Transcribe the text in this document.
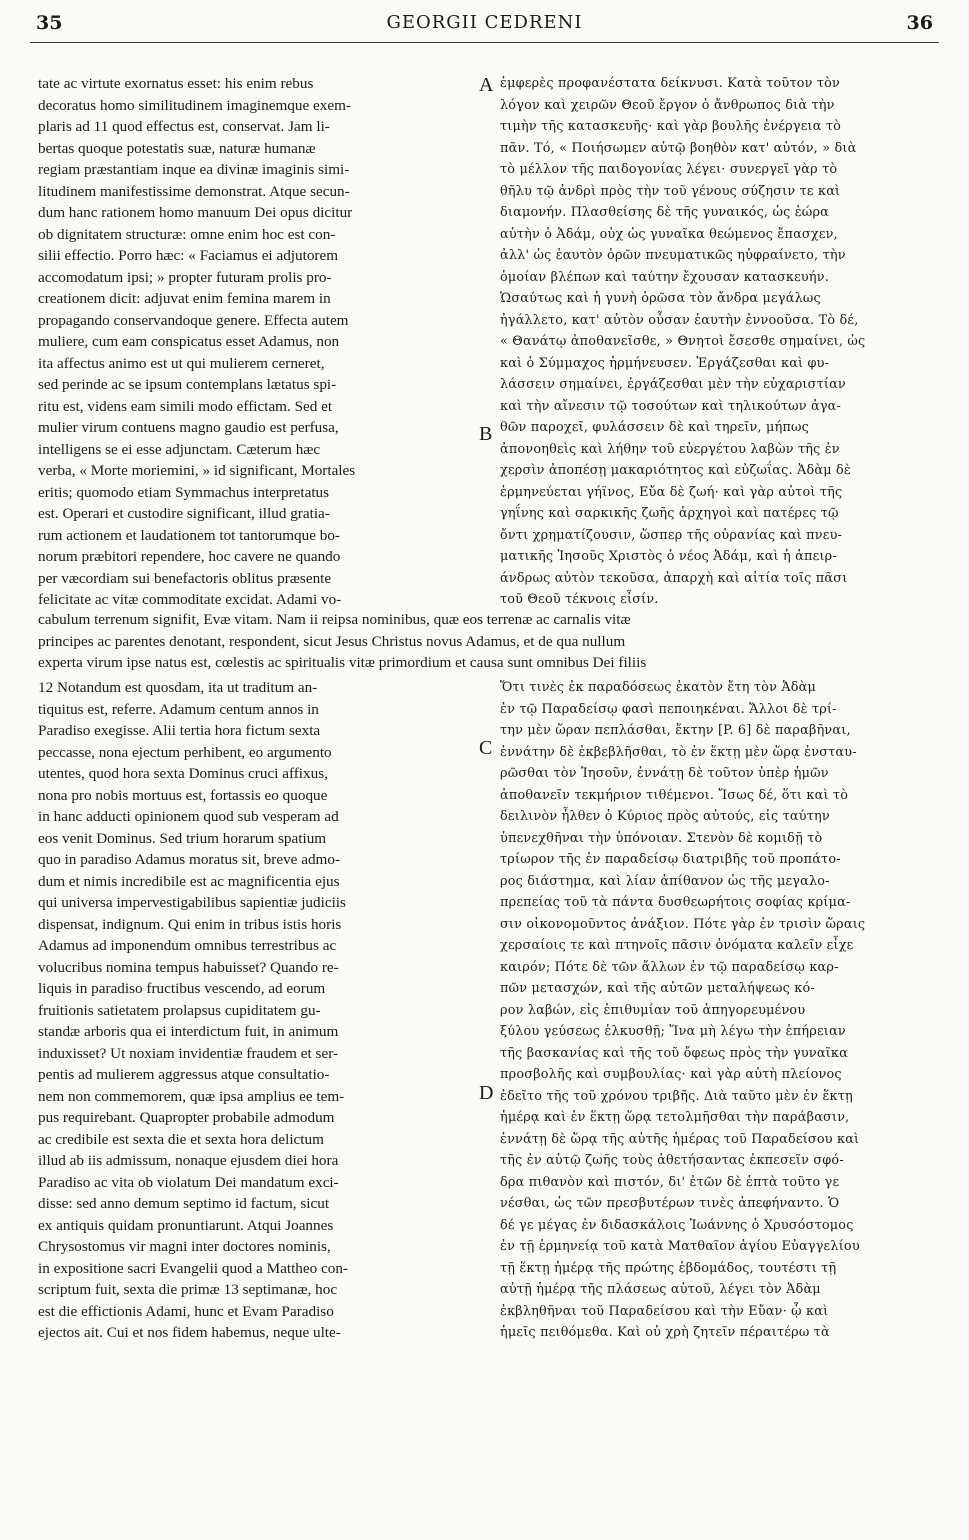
35	GEORGII CEDRENI	36
A
B
C
D
tate ac virtute exornatus esset: his enim rebus
decoratus homo similitudinem imaginemque exem-
plaris ad 11 quod effectus est, conservat. Jam li-
bertas quoque potestatis suæ, naturæ humanæ
regiam præstantiam inque ea divinæ imaginis simi-
litudinem manifestissime demonstrat. Atque secun-
dum hanc rationem homo manuum Dei opus dicitur
ob dignitatem structuræ: omne enim hoc est con-
silii effectio. Porro hæc: « Faciamus ei adjutorem
accomodatum ipsi; » propter futuram prolis pro-
creationem dicit: adjuvat enim femina marem in
propagando conservandoque genere. Effecta autem
muliere, cum eam conspicatus esset Adamus, non
ita affectus animo est ut qui mulierem cerneret,
sed perinde ac se ipsum contemplans lætatus spi-
ritu est, videns eam simili modo effictam. Sed et
mulier virum contuens magno gaudio est perfusa,
intelligens se ei esse adjunctam. Cæterum hæc
verba, « Morte moriemini, » id significant, Mortales
eritis; quomodo etiam Symmachus interpretatus
est. Operari et custodire significant, illud gratia-
rum actionem et laudationem tot tantorumque bo-
norum præbitori rependere, hoc cavere ne quando
per væcordiam sui benefactoris oblitus præsente
felicitate ac vitæ commoditate excidat. Adami vo-
ἐμφερὲς προφανέστατα δείκνυσι. Κατὰ τοῦτον τὸν
λόγον καὶ χειρῶν Θεοῦ ἔργον ὁ ἄνθρωπος διὰ τὴν
τιμὴν τῆς κατασκευῆς· καὶ γὰρ βουλῆς ἐνέργεια τὸ
πᾶν. Τό, « Ποιήσωμεν αὐτῷ βοηθὸν κατ' αὐτόν, » διὰ
τὸ μέλλον τῆς παιδογονίας λέγει· συνεργεῖ γὰρ τὸ
θῆλυ τῷ ἀνδρὶ πρὸς τὴν τοῦ γένους σύζησιν τε καὶ
διαμονήν. Πλασθείσης δὲ τῆς γυναικός, ὡς ἑώρα
αὐτὴν ὁ Ἀδάμ, οὐχ ὡς γυναῖκα θεώμενος ἔπασχεν,
ἀλλ' ὡς ἑαυτὸν ὁρῶν πνευματικῶς ηὐφραίνετο, τὴν
ὁμοίαν βλέπων καὶ ταύτην ἔχουσαν κατασκευήν.
Ὡσαύτως καὶ ἡ γυνὴ ὁρῶσα τὸν ἄνδρα μεγάλως
ἠγάλλετο, κατ' αὐτὸν οὖσαν ἑαυτὴν ἐννοοῦσα. Τὸ δέ,
« Θανάτῳ ἀποθανεῖσθε, » Θνητοὶ ἔσεσθε σημαίνει, ὡς
καὶ ὁ Σύμμαχος ἡρμήνευσεν. Ἐργάζεσθαι καὶ φυ-
λάσσειν σημαίνει, ἐργάζεσθαι μὲν τὴν εὐχαριστίαν
καὶ τὴν αἴνεσιν τῷ τοσούτων καὶ τηλικούτων ἀγα-
θῶν παροχεῖ, φυλάσσειν δὲ καὶ τηρεῖν, μήπως
ἀπονοηθεὶς καὶ λήθην τοῦ εὐεργέτου λαβὼν τῆς ἐν
χερσὶν ἀποπέσῃ μακαριότητος καὶ εὐζωΐας. Ἀδὰμ δὲ
ἑρμηνεύεται γήϊνος, Εὔα δὲ ζωή· καὶ γὰρ αὐτοὶ τῆς
γηΐνης καὶ σαρκικῆς ζωῆς ἀρχηγοὶ καὶ πατέρες τῷ
ὄντι χρηματίζουσιν, ὥσπερ τῆς οὐρανίας καὶ πνευ-
ματικῆς Ἰησοῦς Χριστὸς ὁ νέος Ἀδάμ, καὶ ἡ ἀπειρ-
άνδρως αὐτὸν τεκοῦσα, ἀπαρχὴ καὶ αἰτία τοῖς πᾶσι
τοῦ Θεοῦ τέκνοις εἶσίν.
cabulum terrenum signifit, Evæ vitam. Nam ii reipsa nominibus, quæ eos terrenæ ac carnalis vitæ
principes ac parentes denotant, respondent, sicut Jesus Christus novus Adamus, et de qua nullum
experta virum ipse natus est, cœlestis ac spiritualis vitæ primordium et causa sunt omnibus Dei filiis
12 Notandum est quosdam, ita ut traditum an-
tiquitus est, referre. Adamum centum annos in
Paradiso exegisse. Alii tertia hora fictum sexta
peccasse, nona ejectum perhibent, eo argumento
utentes, quod hora sexta Dominus cruci affixus,
nona pro nobis mortuus est, fortassis eo quoque
in hanc adducti opinionem quod sub vesperam ad
eos venit Dominus. Sed trium horarum spatium
quo in paradiso Adamus moratus sit, breve admo-
dum et nimis incredibile est ac magnificentia ejus
qui universa impervestigabilibus sapientiæ judiciis
dispensat, indignum. Qui enim in tribus istis horis
Adamus ad imponendum omnibus terrestribus ac
volucribus nomina tempus habuisset? Quando re-
liquis in paradiso fructibus vescendo, ad eorum
fruitionis satietatem prolapsus cupiditatem gu-
standæ arboris qua ei interdictum fuit, in animum
induxisset? Ut noxiam invidentiæ fraudem et ser-
pentis ad mulierem aggressus atque consultatio-
nem non commemorem, quæ ipsa amplius ee tem-
pus requirebant. Quapropter probabile admodum
ac credibile est sexta die et sexta hora delictum
illud ab iis admissum, nonaque ejusdem diei hora
Paradiso ac vita ob violatum Dei mandatum exci-
disse: sed anno demum septimo id factum, sicut
ex antiquis quidam pronuntiarunt. Atqui Joannes
Chrysostomus vir magni inter doctores nominis,
in expositione sacri Evangelii quod a Mattheo con-
scriptum fuit, sexta die primæ 13 septimanæ, hoc
est die effictionis Adami, hunc et Evam Paradiso
ejectos ait. Cui et nos fidem habemus, neque ulte-
Ὅτι τινὲς ἐκ παραδόσεως ἑκατὸν ἔτη τὸν Ἀδὰμ
ἐν τῷ Παραδείσῳ φασὶ πεποιηκέναι. Ἄλλοι δὲ τρί-
την μὲν ὥραν πεπλάσθαι, ἕκτην [P. 6] δὲ παραβῆναι,
ἐννάτην δὲ ἐκβεβλῆσθαι, τὸ ἐν ἕκτῃ μὲν ὥρᾳ ἐνσταυ-
ρῶσθαι τὸν Ἰησοῦν, ἐννάτῃ δὲ τοῦτον ὑπὲρ ἡμῶν
ἀποθανεῖν τεκμήριον τιθέμενοι. Ἴσως δέ, ὅτι καὶ τὸ
δειλινὸν ἦλθεν ὁ Κύριος πρὸς αὐτούς, εἰς ταύτην
ὑπενεχθῆναι τὴν ὑπόνοιαν. Στενὸν δὲ κομιδῇ τὸ
τρίωρον τῆς ἐν παραδείσῳ διατριβῆς τοῦ προπάτο-
ρος διάστημα, καὶ λίαν ἀπίθανον ὡς τῆς μεγαλο-
πρεπείας τοῦ τὰ πάντα δυσθεωρήτοις σοφίας κρίμα-
σιν οἰκονομοῦντος ἀνάξιον. Πότε γὰρ ἐν τρισὶν ὥραις
χερσαίοις τε καὶ πτηνοῖς πᾶσιν ὀνόματα καλεῖν εἶχε
καιρόν; Πότε δὲ τῶν ἄλλων ἐν τῷ παραδείσῳ καρ-
πῶν μετασχών, καὶ τῆς αὐτῶν μεταλήψεως κό-
ρον λαβών, εἰς ἐπιθυμίαν τοῦ ἀπηγορευμένου
ξύλου γεύσεως ἑλκυσθῇ; Ἵνα μὴ λέγω τὴν ἐπήρειαν
τῆς βασκανίας καὶ τῆς τοῦ ὄφεως πρὸς τὴν γυναῖκα
προσβολῆς καὶ συμβουλίας· καὶ γὰρ αὐτὴ πλείονος
ἐδεῖτο τῆς τοῦ χρόνου τριβῆς. Διὰ ταῦτο μὲν ἐν ἕκτῃ
ἡμέρᾳ καὶ ἐν ἕκτῃ ὥρᾳ τετολμῆσθαι τὴν παράβασιν,
ἐννάτῃ δὲ ὥρᾳ τῆς αὐτῆς ἡμέρας τοῦ Παραδείσου καὶ
τῆς ἐν αὐτῷ ζωῆς τοὺς ἀθετήσαντας ἐκπεσεῖν σφό-
δρα πιθανὸν καὶ πιστόν, δι' ἐτῶν δὲ ἑπτὰ τοῦτο γε
νέσθαι, ὡς τῶν πρεσβυτέρων τινὲς ἀπεφήναντο. Ὁ
δέ γε μέγας ἐν διδασκάλοις Ἰωάννης ὁ Χρυσόστομος
ἐν τῇ ἑρμηνείᾳ τοῦ κατὰ Ματθαῖον ἁγίου Εὐαγγελίου
τῇ ἕκτῃ ἡμέρᾳ τῆς πρώτης ἑβδομάδος, τουτέστι τῇ
αὐτῇ ἡμέρᾳ τῆς πλάσεως αὐτοῦ, λέγει τὸν Ἀδὰμ
ἐκβληθῆναι τοῦ Παραδείσου καὶ τὴν Εὔαν· ᾧ καὶ
ἡμεῖς πειθόμεθα. Καὶ οὐ χρὴ ζητεῖν πέραιτέρω τὰ
